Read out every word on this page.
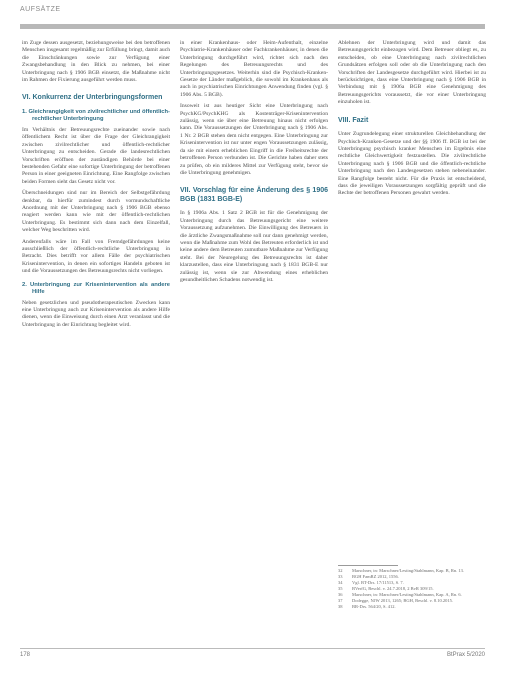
AUFSÄTZE

im Zuge dessen ausgesetzt, beziehungsweise bei den betroffenen Menschen insgesamt regelmäßig zur Erfüllung bringt, damit auch die Einschränkungen sowie zur Verfügung einer Zwangsbehandlung in den Blick zu nehmen, bei einer Unterbringung nach § 1906 BGB einsetzt, die Maßnahme nicht im Rahmen der Fixierung ausgeführt werden muss.

VI. Konkurrenz der Unterbringungsformen
1. Gleichrangigkeit von zivilrechtlicher und öffentlich-rechtlicher Unterbringung

Im Verhältnis der Betreuungsrechte zueinander sowie nach öffentlichem Recht ist über die Frage der Gleichrangigkeit zwischen zivilrechtlicher und öffentlich-rechtlicher Unterbringung zu entscheiden. Gerade die landesrechtlichen Vorschriften eröffnen der zuständigen Behörde bei einer bestehenden Gefahr eine sofortige Unterbringung der betroffenen Person in einer geeigneten Einrichtung. Eine Rangfolge zwischen beiden Formen sieht das Gesetz nicht vor.

Überschneidungen sind nur im Bereich der Selbstgefährdung denkbar, da hierfür zumindest durch vormundschaftliche Anordnung mit der Unterbringung nach § 1906 BGB ebenso reagiert werden kann wie mit der öffentlich-rechtlichen Unterbringung. Es bestimmt sich dann nach dem Einzelfall, welcher Weg beschritten wird.

Anderenfalls wäre im Fall von Fremdgefährdungen keine ausschließlich der öffentlich-rechtliche Unterbringung in Betracht. Dies betrifft vor allem Fälle der psychiatrischen Krisenintervention, in denen ein sofortiges Handeln geboten ist und die Voraussetzungen des Betreuungsrechts nicht vorliegen.

2. Unterbringung zur Krisenintervention als andere Hilfe

Neben gesetzlichen und pseudotherapeutischen Zwecken kann eine Unterbringung auch zur Krisenintervention als andere Hilfe dienen, wenn die Einweisung durch einen Arzt veranlasst und die Unterbringung in der Einrichtung begleitet wird.

in einer Krankenhaus- oder Heim-Aufenthalt, einzelne Psychiatrie-Krankenhäuser oder Fachkrankenhäuser, in denen die Unterbringung durchgeführt wird, richtet sich nach den Regelungen des Betreuungsrechts und des Unterbringungsgesetzes. Weiterhin sind die Psychisch-Kranken-Gesetze der Länder maßgeblich, die sowohl im Krankenhaus als auch in psychiatrischen Einrichtungen Anwendung finden (vgl. § 1906 Abs. 5 BGB).

Insoweit ist aus heutiger Sicht eine Unterbringung nach PsychKG/PsychKHG als Kostenträger-Krisenintervention zulässig, wenn sie über eine Betreuung hinaus nicht erfolgen kann. Die Voraussetzungen der Unterbringung nach § 1906 Abs. 1 Nr. 2 BGB stehen dem nicht entgegen. Eine Unterbringung zur Krisenintervention ist nur unter engen Voraussetzungen zulässig, da sie mit einem erheblichen Eingriff in die Freiheitsrechte der betroffenen Person verbunden ist. Die Gerichte haben daher stets zu prüfen, ob ein milderes Mittel zur Verfügung steht, bevor sie die Unterbringung genehmigen.

VII. Vorschlag für eine Änderung des § 1906 BGB (1831 BGB-E)

In § 1906a Abs. 1 Satz 2 BGB ist für die Genehmigung der Unterbringung durch das Betreuungsgericht eine weitere Voraussetzung aufzunehmen. Die Einwilligung des Betreuers in die ärztliche Zwangsmaßnahme soll nur dann genehmigt werden, wenn die Maßnahme zum Wohl des Betreuten erforderlich ist und keine andere dem Betreuten zumutbare Maßnahme zur Verfügung steht. Bei der Neuregelung des Betreuungsrechts ist daher klarzustellen, dass eine Unterbringung nach § 1831 BGB-E nur zulässig ist, wenn sie zur Abwendung eines erheblichen gesundheitlichen Schadens notwendig ist.

Ablehnen der Unterbringung wird und damit das Betreuungsgericht einbezogen wird. Dem Betreuer obliegt es, zu entscheiden, ob eine Unterbringung nach zivilrechtlichen Grundsätzen erfolgen soll oder ob die Unterbringung nach den Vorschriften der Landesgesetze durchgeführt wird. Hierbei ist zu berücksichtigen, dass eine Unterbringung nach § 1906 BGB in Verbindung mit § 1906a BGB eine Genehmigung des Betreuungsgerichts voraussetzt, die vor einer Unterbringung einzuholen ist.

VIII. Fazit

Unter Zugrundelegung einer strukturellen Gleichbehandlung der Psychisch-Kranken-Gesetze und der §§ 1906 ff. BGB ist bei der Unterbringung psychisch kranker Menschen im Ergebnis eine rechtliche Gleichwertigkeit festzustellen. Die zivilrechtliche Unterbringung nach § 1906 BGB und die öffentlich-rechtliche Unterbringung nach den Landesgesetzen stehen nebeneinander. Eine Rangfolge besteht nicht. Für die Praxis ist entscheidend, dass die jeweiligen Voraussetzungen sorgfältig geprüft und die Rechte der betroffenen Personen gewahrt werden.

32	Marschner, in: Marschner/Lesting/Stahlmann, Kap. B, Rn. 13.
33	BGH FamRZ 2012, 1556.
34	Vgl. BT-Drs. 17/11513, S. 7.
35	BVerfG, Beschl. v. 24.7.2018, 2 BvR 309/15.
36	Marschner, in: Marschner/Lesting/Stahlmann, Kap. A, Rn. 6.
37	Dodegge, NJW 2013, 1265; BGH, Beschl. v. 8.10.2015.
38	BR-Drs. 564/20, S. 412.
178	BtPrax 5/2020
